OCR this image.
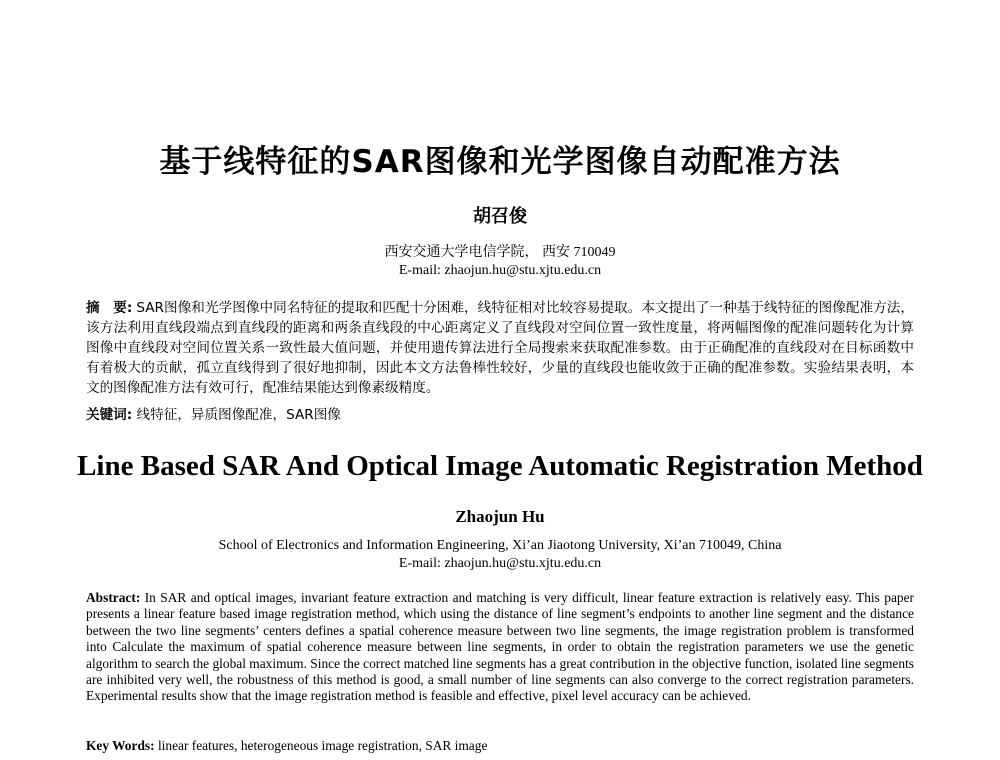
基于线特征的SAR图像和光学图像自动配准方法
胡召俊
西安交通大学电信学院， 西安 710049
E-mail: zhaojun.hu@stu.xjtu.edu.cn
摘　要: SAR图像和光学图像中同名特征的提取和匹配十分困难，线特征相对比较容易提取。本文提出了一种基于线特征的图像配准方法，该方法利用直线段端点到直线段的距离和两条直线段的中心距离定义了直线段对空间位置一致性度量，将两幅图像的配准问题转化为计算图像中直线段对空间位置关系一致性最大值问题，并使用遗传算法进行全局搜索来获取配准参数。由于正确配准的直线段对在目标函数中有着极大的贡献，孤立直线得到了很好地抑制，因此本文方法鲁棒性较好，少量的直线段也能收敛于正确的配准参数。实验结果表明，本文的图像配准方法有效可行，配准结果能达到像素级精度。
关键词: 线特征，异质图像配准，SAR图像
Line Based SAR And Optical Image Automatic Registration Method
Zhaojun Hu
School of Electronics and Information Engineering, Xi’an Jiaotong University, Xi’an 710049, China
E-mail: zhaojun.hu@stu.xjtu.edu.cn
Abstract: In SAR and optical images, invariant feature extraction and matching is very difficult, linear feature extraction is relatively easy. This paper presents a linear feature based image registration method, which using the distance of line segment’s endpoints to another line segment and the distance between the two line segments’ centers defines a spatial coherence measure between two line segments, the image registration problem is transformed into Calculate the maximum of spatial coherence measure between line segments, in order to obtain the registration parameters we use the genetic algorithm to search the global maximum. Since the correct matched line segments has a great contribution in the objective function, isolated line segments are inhibited very well, the robustness of this method is good, a small number of line segments can also converge to the correct registration parameters. Experimental results show that the image registration method is feasible and effective, pixel level accuracy can be achieved.
Key Words: linear features, heterogeneous image registration, SAR image
